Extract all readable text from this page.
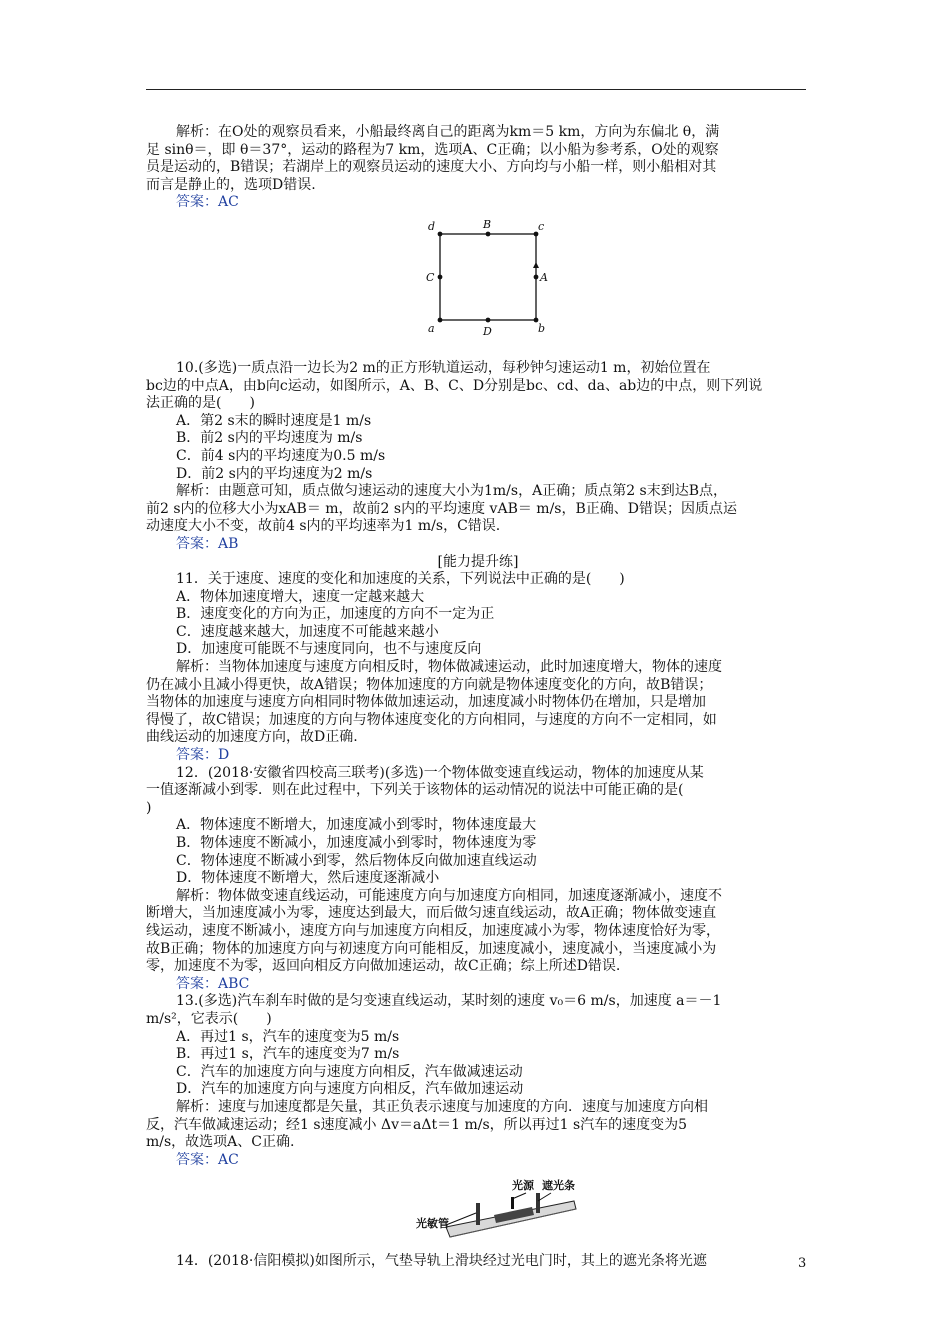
解析：在O处的观察员看来，小船最终离自己的距离为km＝5 km，方向为东偏北 θ，满

足 sinθ＝，即 θ＝37°，运动的路程为7 km，选项A、C正确；以小船为参考系，O处的观察

员是运动的，B错误；若湖岸上的观察员运动的速度大小、方向均与小船一样，则小船相对其

而言是静止的，选项D错误.

答案：AC

d	B	c
C	A
a	D	b

10.(多选)一质点沿一边长为2 m的正方形轨道运动，每秒钟匀速运动1 m，初始位置在

bc边的中点A，由b向c运动，如图所示，A、B、C、D分别是bc、cd、da、ab边的中点，则下列说

法正确的是(　　)

A．第2 s末的瞬时速度是1 m/s

B．前2 s内的平均速度为 m/s

C．前4 s内的平均速度为0.5 m/s

D．前2 s内的平均速度为2 m/s

解析：由题意可知，质点做匀速运动的速度大小为1m/s，A正确；质点第2 s末到达B点，

前2 s内的位移大小为xAB＝ m，故前2 s内的平均速度 vAB＝ m/s，B正确、D错误；因质点运

动速度大小不变，故前4 s内的平均速率为1 m/s，C错误.

答案：AB

[能力提升练]

11．关于速度、速度的变化和加速度的关系，下列说法中正确的是(　　)

A．物体加速度增大，速度一定越来越大

B．速度变化的方向为正，加速度的方向不一定为正

C．速度越来越大，加速度不可能越来越小

D．加速度可能既不与速度同向，也不与速度反向

解析：当物体加速度与速度方向相反时，物体做减速运动，此时加速度增大，物体的速度

仍在减小且减小得更快，故A错误；物体加速度的方向就是物体速度变化的方向，故B错误；

当物体的加速度与速度方向相同时物体做加速运动，加速度减小时物体仍在增加，只是增加

得慢了，故C错误；加速度的方向与物体速度变化的方向相同，与速度的方向不一定相同，如

曲线运动的加速度方向，故D正确.

答案：D

12．(2018·安徽省四校高三联考)(多选)一个物体做变速直线运动，物体的加速度从某

一值逐渐减小到零．则在此过程中，下列关于该物体的运动情况的说法中可能正确的是(

)

A．物体速度不断增大，加速度减小到零时，物体速度最大

B．物体速度不断减小，加速度减小到零时，物体速度为零

C．物体速度不断减小到零，然后物体反向做加速直线运动

D．物体速度不断增大，然后速度逐渐减小

解析：物体做变速直线运动，可能速度方向与加速度方向相同，加速度逐渐减小，速度不

断增大，当加速度减小为零，速度达到最大，而后做匀速直线运动，故A正确；物体做变速直

线运动，速度不断减小，速度方向与加速度方向相反，加速度减小为零，物体速度恰好为零，

故B正确；物体的加速度方向与初速度方向可能相反，加速度减小，速度减小，当速度减小为

零，加速度不为零，返回向相反方向做加速运动，故C正确；综上所述D错误.

答案：ABC

13.(多选)汽车刹车时做的是匀变速直线运动，某时刻的速度 v₀＝6 m/s，加速度 a＝－1

m/s²，它表示(　　)

A．再过1 s，汽车的速度变为5 m/s

B．再过1 s，汽车的速度变为7 m/s

C．汽车的加速度方向与速度方向相反，汽车做减速运动

D．汽车的加速度方向与速度方向相反，汽车做加速运动

解析：速度与加速度都是矢量，其正负表示速度与加速度的方向．速度与加速度方向相

反，汽车做减速运动；经1 s速度减小 Δv＝aΔt＝1 m/s，所以再过1 s汽车的速度变为5

m/s，故选项A、C正确.

答案：AC

光源 遮光条
光敏管

14．(2018·信阳模拟)如图所示，气垫导轨上滑块经过光电门时，其上的遮光条将光遮	3
